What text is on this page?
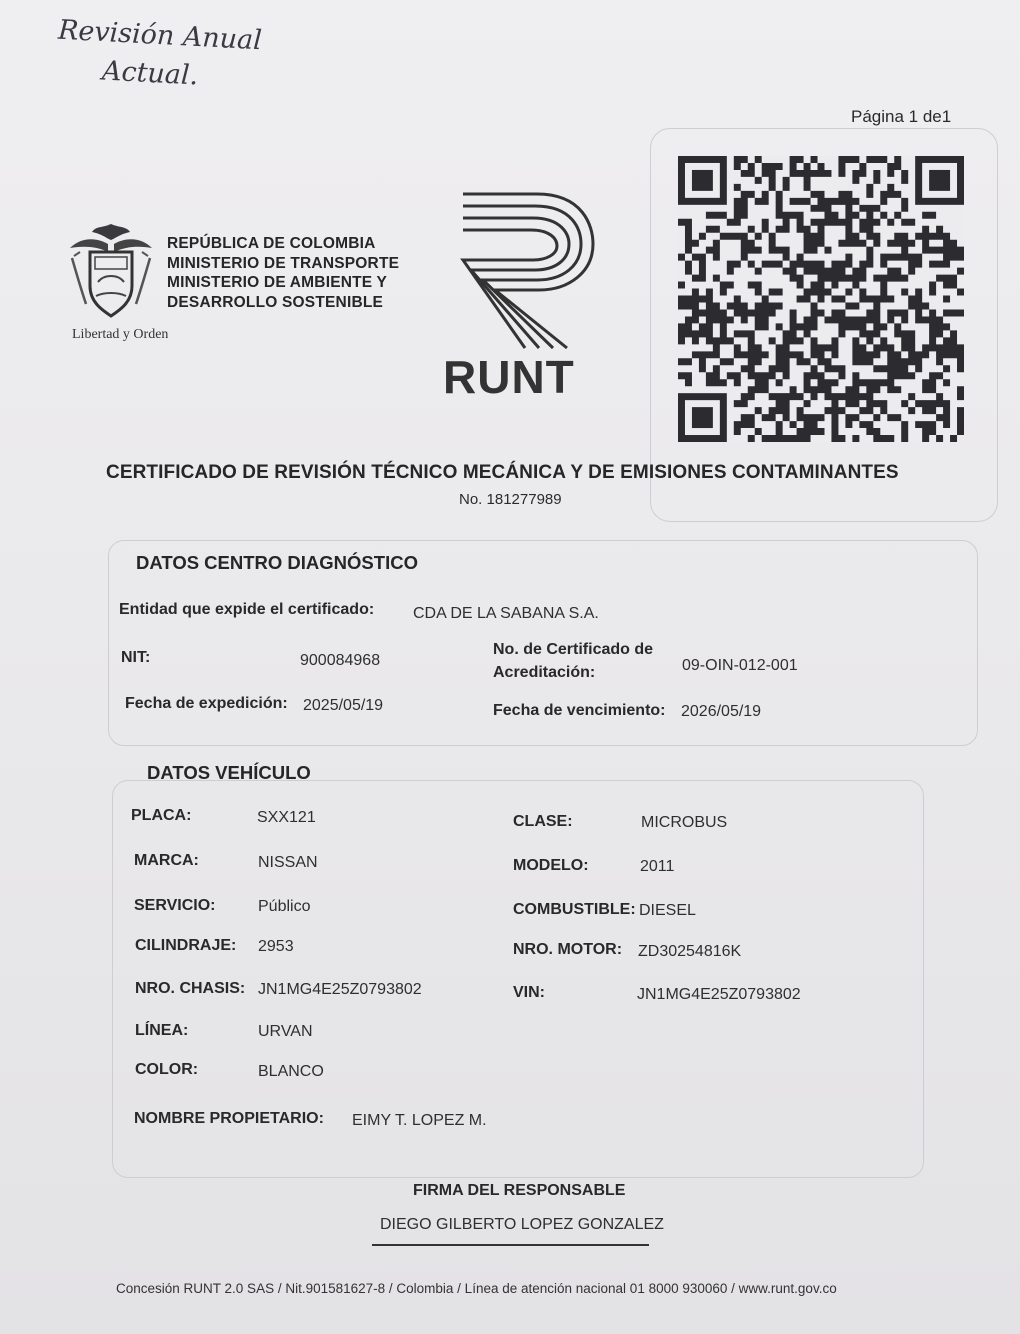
Revisión Anual
Actual.
Página 1 de1
Libertad y Orden
REPÚBLICA DE COLOMBIA
MINISTERIO DE TRANSPORTE
MINISTERIO DE AMBIENTE Y
DESARROLLO SOSTENIBLE
RUNT
CERTIFICADO DE REVISIÓN TÉCNICO MECÁNICA Y DE EMISIONES CONTAMINANTES
No. 181277989
DATOS CENTRO DIAGNÓSTICO
Entidad que expide el certificado: CDA DE LA SABANA S.A.
NIT:	900084968
No. de Certificado de
Acreditación:	09-OIN-012-001
Fecha de expedición: 2025/05/19	Fecha de vencimiento: 2026/05/19
DATOS VEHÍCULO
PLACA:	SXX121
MARCA:	NISSAN
SERVICIO:	Público
CILINDRAJE: 2953
NRO. CHASIS: JN1MG4E25Z0793802
LÍNEA:	URVAN
COLOR:	BLANCO
CLASE:	MICROBUS
MODELO:	2011
COMBUSTIBLE: DIESEL
NRO. MOTOR: ZD30254816K
VIN:	JN1MG4E25Z0793802
NOMBRE PROPIETARIO: EIMY T. LOPEZ M.
FIRMA DEL RESPONSABLE
DIEGO GILBERTO LOPEZ GONZALEZ
Concesión RUNT 2.0 SAS / Nit.901581627-8 / Colombia / Línea de atención nacional 01 8000 930060 / www.runt.gov.co
